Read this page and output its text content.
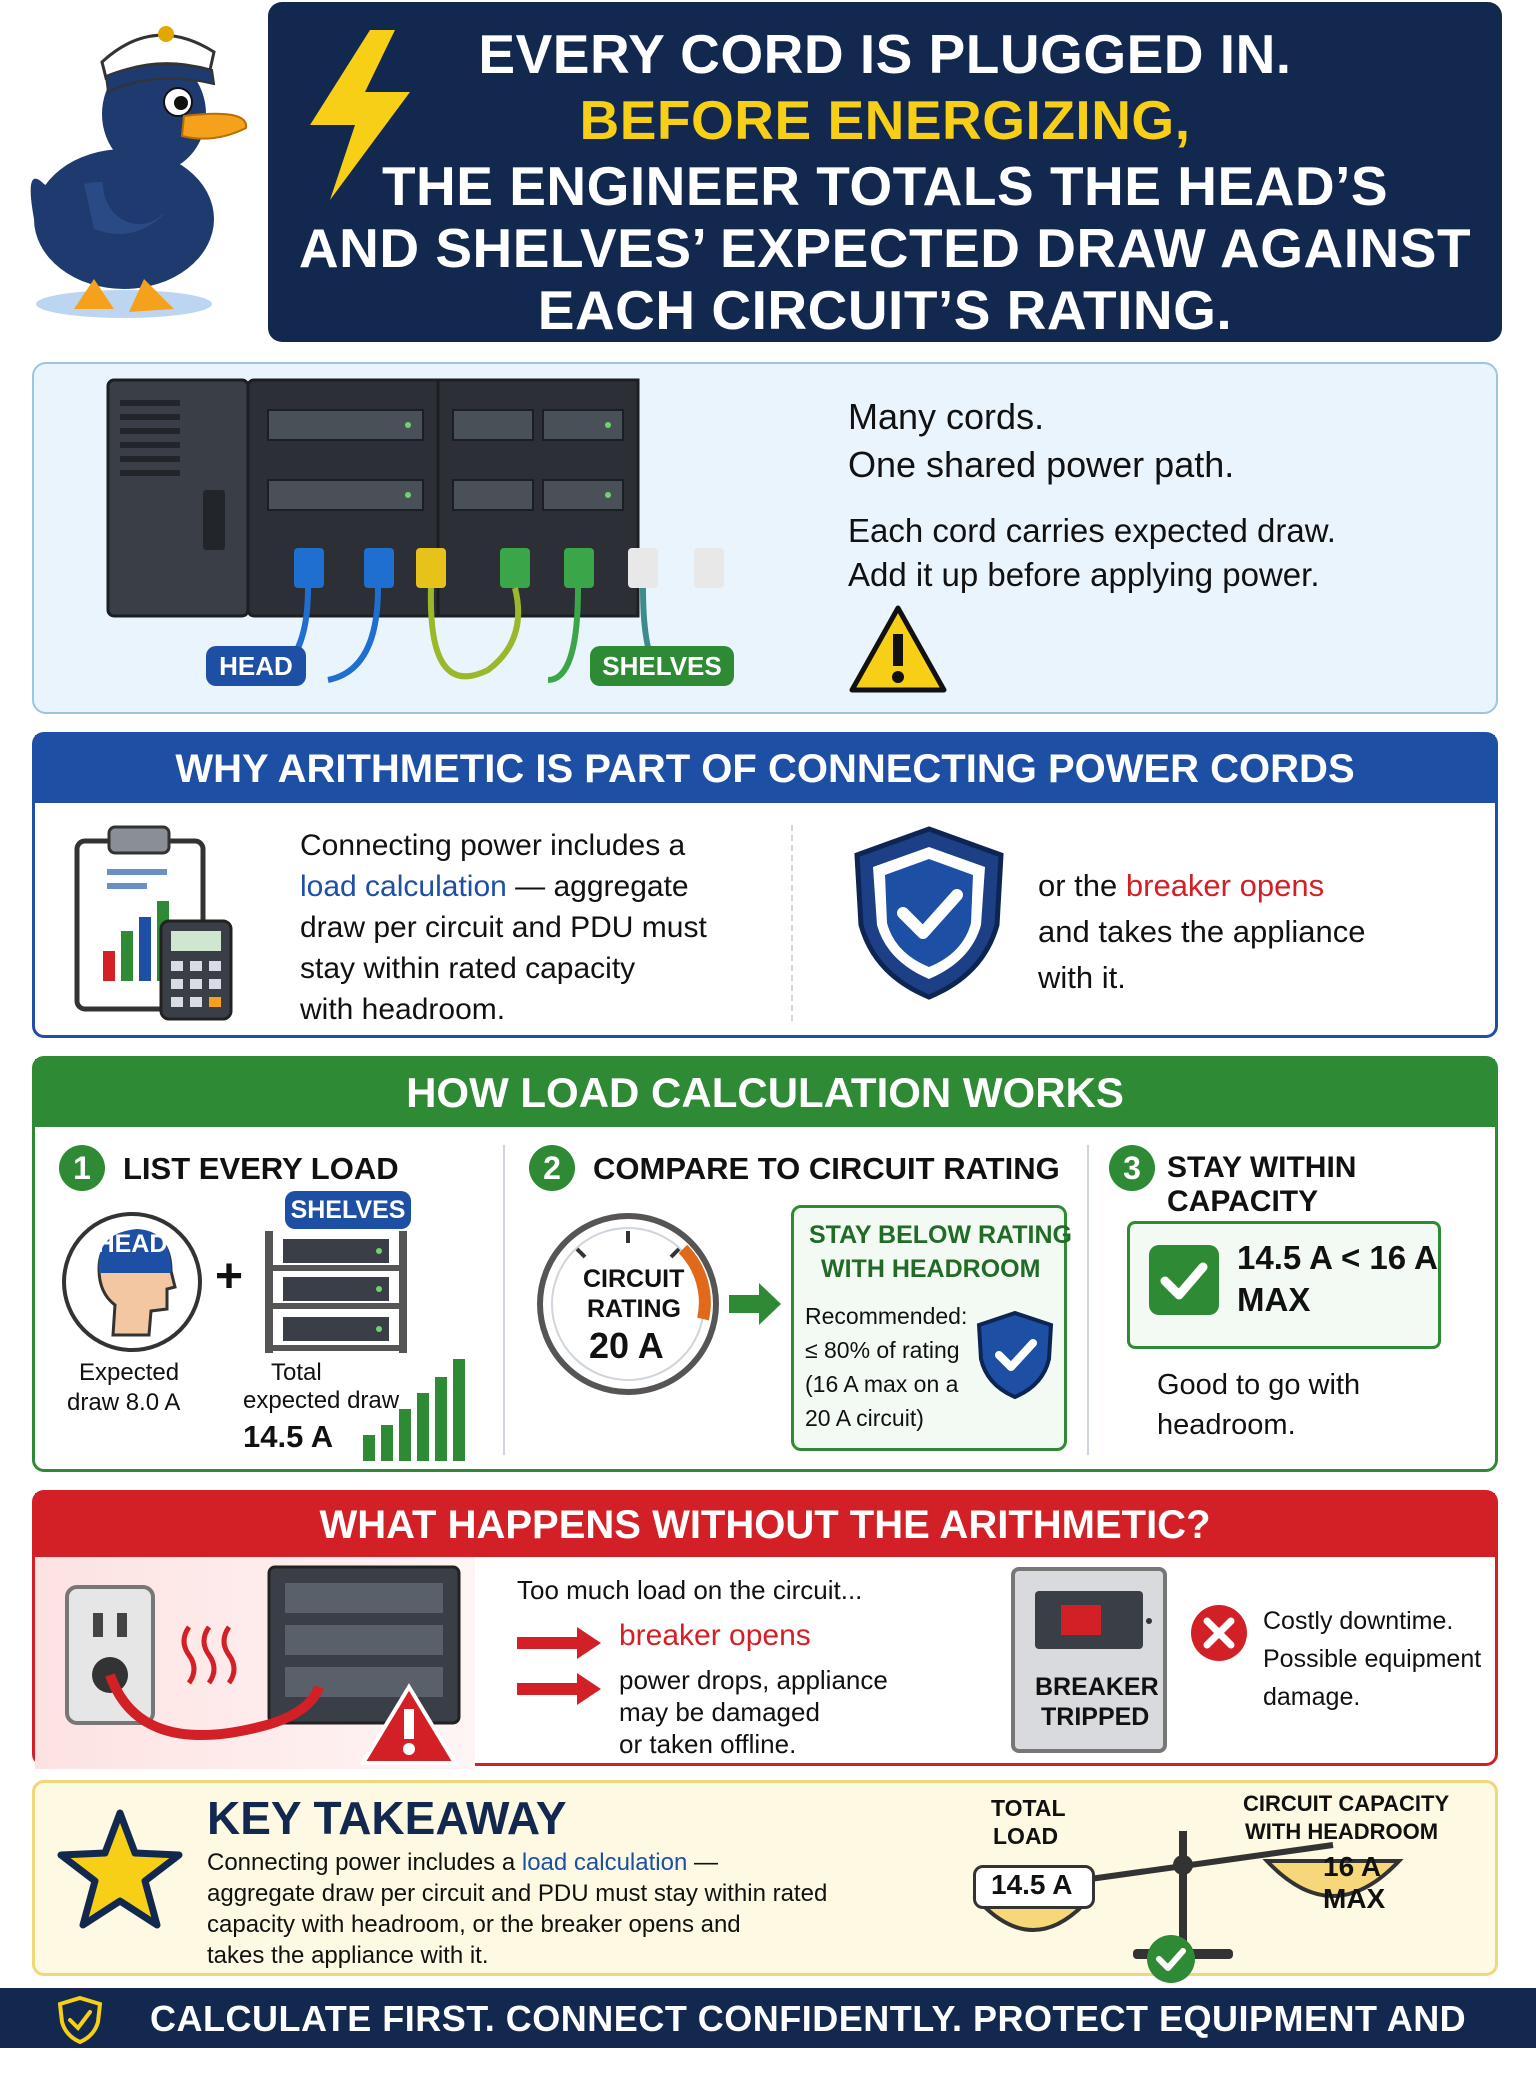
EVERY CORD IS PLUGGED IN.
BEFORE ENERGIZING,
THE ENGINEER TOTALS THE HEAD’S
AND SHELVES’ EXPECTED DRAW AGAINST
EACH CIRCUIT’S RATING.
HEAD	SHELVES
Many cords.
One shared power path.
Each cord carries expected draw.
Add it up before applying power.
WHY ARITHMETIC IS PART OF CONNECTING POWER CORDS
Connecting power includes a
load calculation — aggregate
draw per circuit and PDU must
stay within rated capacity
with headroom.
or the breaker opens
and takes the appliance
with it.
HOW LOAD CALCULATION WORKS
1	LIST EVERY LOAD
HEAD
+
SHELVES
Expected
draw 8.0 A
Total
expected draw
14.5 A
2	COMPARE TO CIRCUIT RATING
CIRCUIT
RATING
20 A
STAY BELOW RATING
WITH HEADROOM
Recommended:
≤ 80% of rating
(16 A max on a
20 A circuit)
3 STAY WITHIN CAPACITY
14.5 A < 16 A
MAX
Good to go with
headroom.
WHAT HAPPENS WITHOUT THE ARITHMETIC?
Too much load on the circuit...
breaker opens
power drops, appliance
may be damaged
or taken offline.
BREAKER
TRIPPED
Costly downtime.
Possible equipment
damage.
KEY TAKEAWAY
Connecting power includes a load calculation —
aggregate draw per circuit and PDU must stay within rated
capacity with headroom, or the breaker opens and
takes the appliance with it.
TOTAL
LOAD
14.5 A
CIRCUIT CAPACITY
WITH HEADROOM
16 A
MAX
CALCULATE FIRST. CONNECT CONFIDENTLY. PROTECT EQUIPMENT AND UPTIME.
